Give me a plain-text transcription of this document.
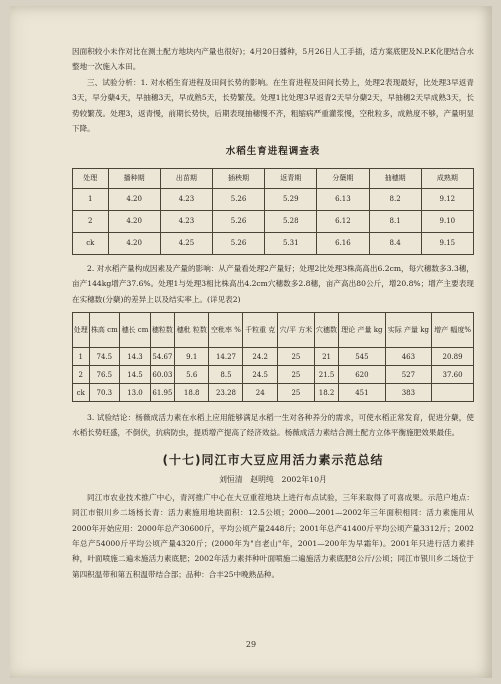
因面积较小未作对比在测土配方地块内产量也很好)；4月20日播种，5月26日人工手插，适方案底肥及N.P.K化肥结合水整地一次施入本田。

三、试验分析：1. 对水稻生育进程及田间长势的影响。在生育进程及田间长势上，处理2表现最好，比处理3早返青3天，早分蘖4天，早抽穗3天，早成熟5天，长势繁茂。处理1比处理3早返青2天早分蘖2天，早抽穗2天早成熟3天，长势较繁茂。处理3，返青慢，前期长势快，后期表现抽穗慢不齐，粗缩病严重灌浆慢，空秕粒多，成熟度不够，产量明显下降。

水稻生育进程调查表
处理	播种期	出苗期	插秧期	返青期	分蘖期	抽穗期	成熟期
1	4.20	4.23	5.26	5.29	6.13	8.2	9.12
2	4.20	4.23	5.26	5.28	6.12	8.1	9.10
ck	4.20	4.25	5.26	5.31	6.16	8.4	9.15

2. 对水稻产量构成因素及产量的影响：从产量看处理2产量好；处理2比处理3株高高出6.2cm，每穴穗数多3.3穗，亩产144kg增产37.6%。处理1与处理3相比株高出4.2cm穴穗数多2.8穗，亩产高出80公斤，增20.8%；增产主要表现在实穗数(分蘖)的差异上以及结实率上。(详见表2)

处理	株高 cm	穗长 cm	穗粒数	穗秕 粒数	空秕率 %	千粒重 克	穴/平 方米	穴穗数	理论 产量 kg	实际 产量 kg	增产 幅度%
1	74.5	14.3	54.67	9.1	14.27	24.2	25	21	545	463	20.89
2	76.5	14.5	60.03	5.6	8.5	24.5	25	21.5	620	527	37.60
ck	70.3	13.0	61.95	18.8	23.28	24	25	18.2	451	383	

3. 试验结论：杨薇成活力素在水稻上应用能够满足水稻一生对各种养分的需求，可使水稻正常发育，促进分蘖，使水稻长势旺盛，不倒伏，抗病防虫，提质增产提高了经济效益。杨薇成活力素结合测土配方立体平衡施肥效果最佳。

(十七)同江市大豆应用活力素示范总结
刘恒清　赵明纯　2002年10月

同江市农业技术推广中心，青河推广中心在大豆重茬地块上进行布点试验，三年来取得了可喜成果。示范户地点：同江市银川乡二场杨长青：活力素施用地块面积：12.5公顷；2000—2001—2002年三年面积相同：活力素施用从2000年开始应用：2000年总产30600斤，平均公顷产量2448斤；2001年总产41400斤平均公顷产量3312斤；2002年总产54000斤平均公顷产量4320斤；(2000年为"自老山"年，2001—200年为早霜年)。2001年只进行活力素拌种，叶面喷施二遍未施活力素底肥；2002年活力素拌种叶面喷施二遍施活力素底肥8公斤/公顷；同江市银川乡二场位于第四积温带和第五积温带结合部；品种：合丰25中晚熟品种。

29
